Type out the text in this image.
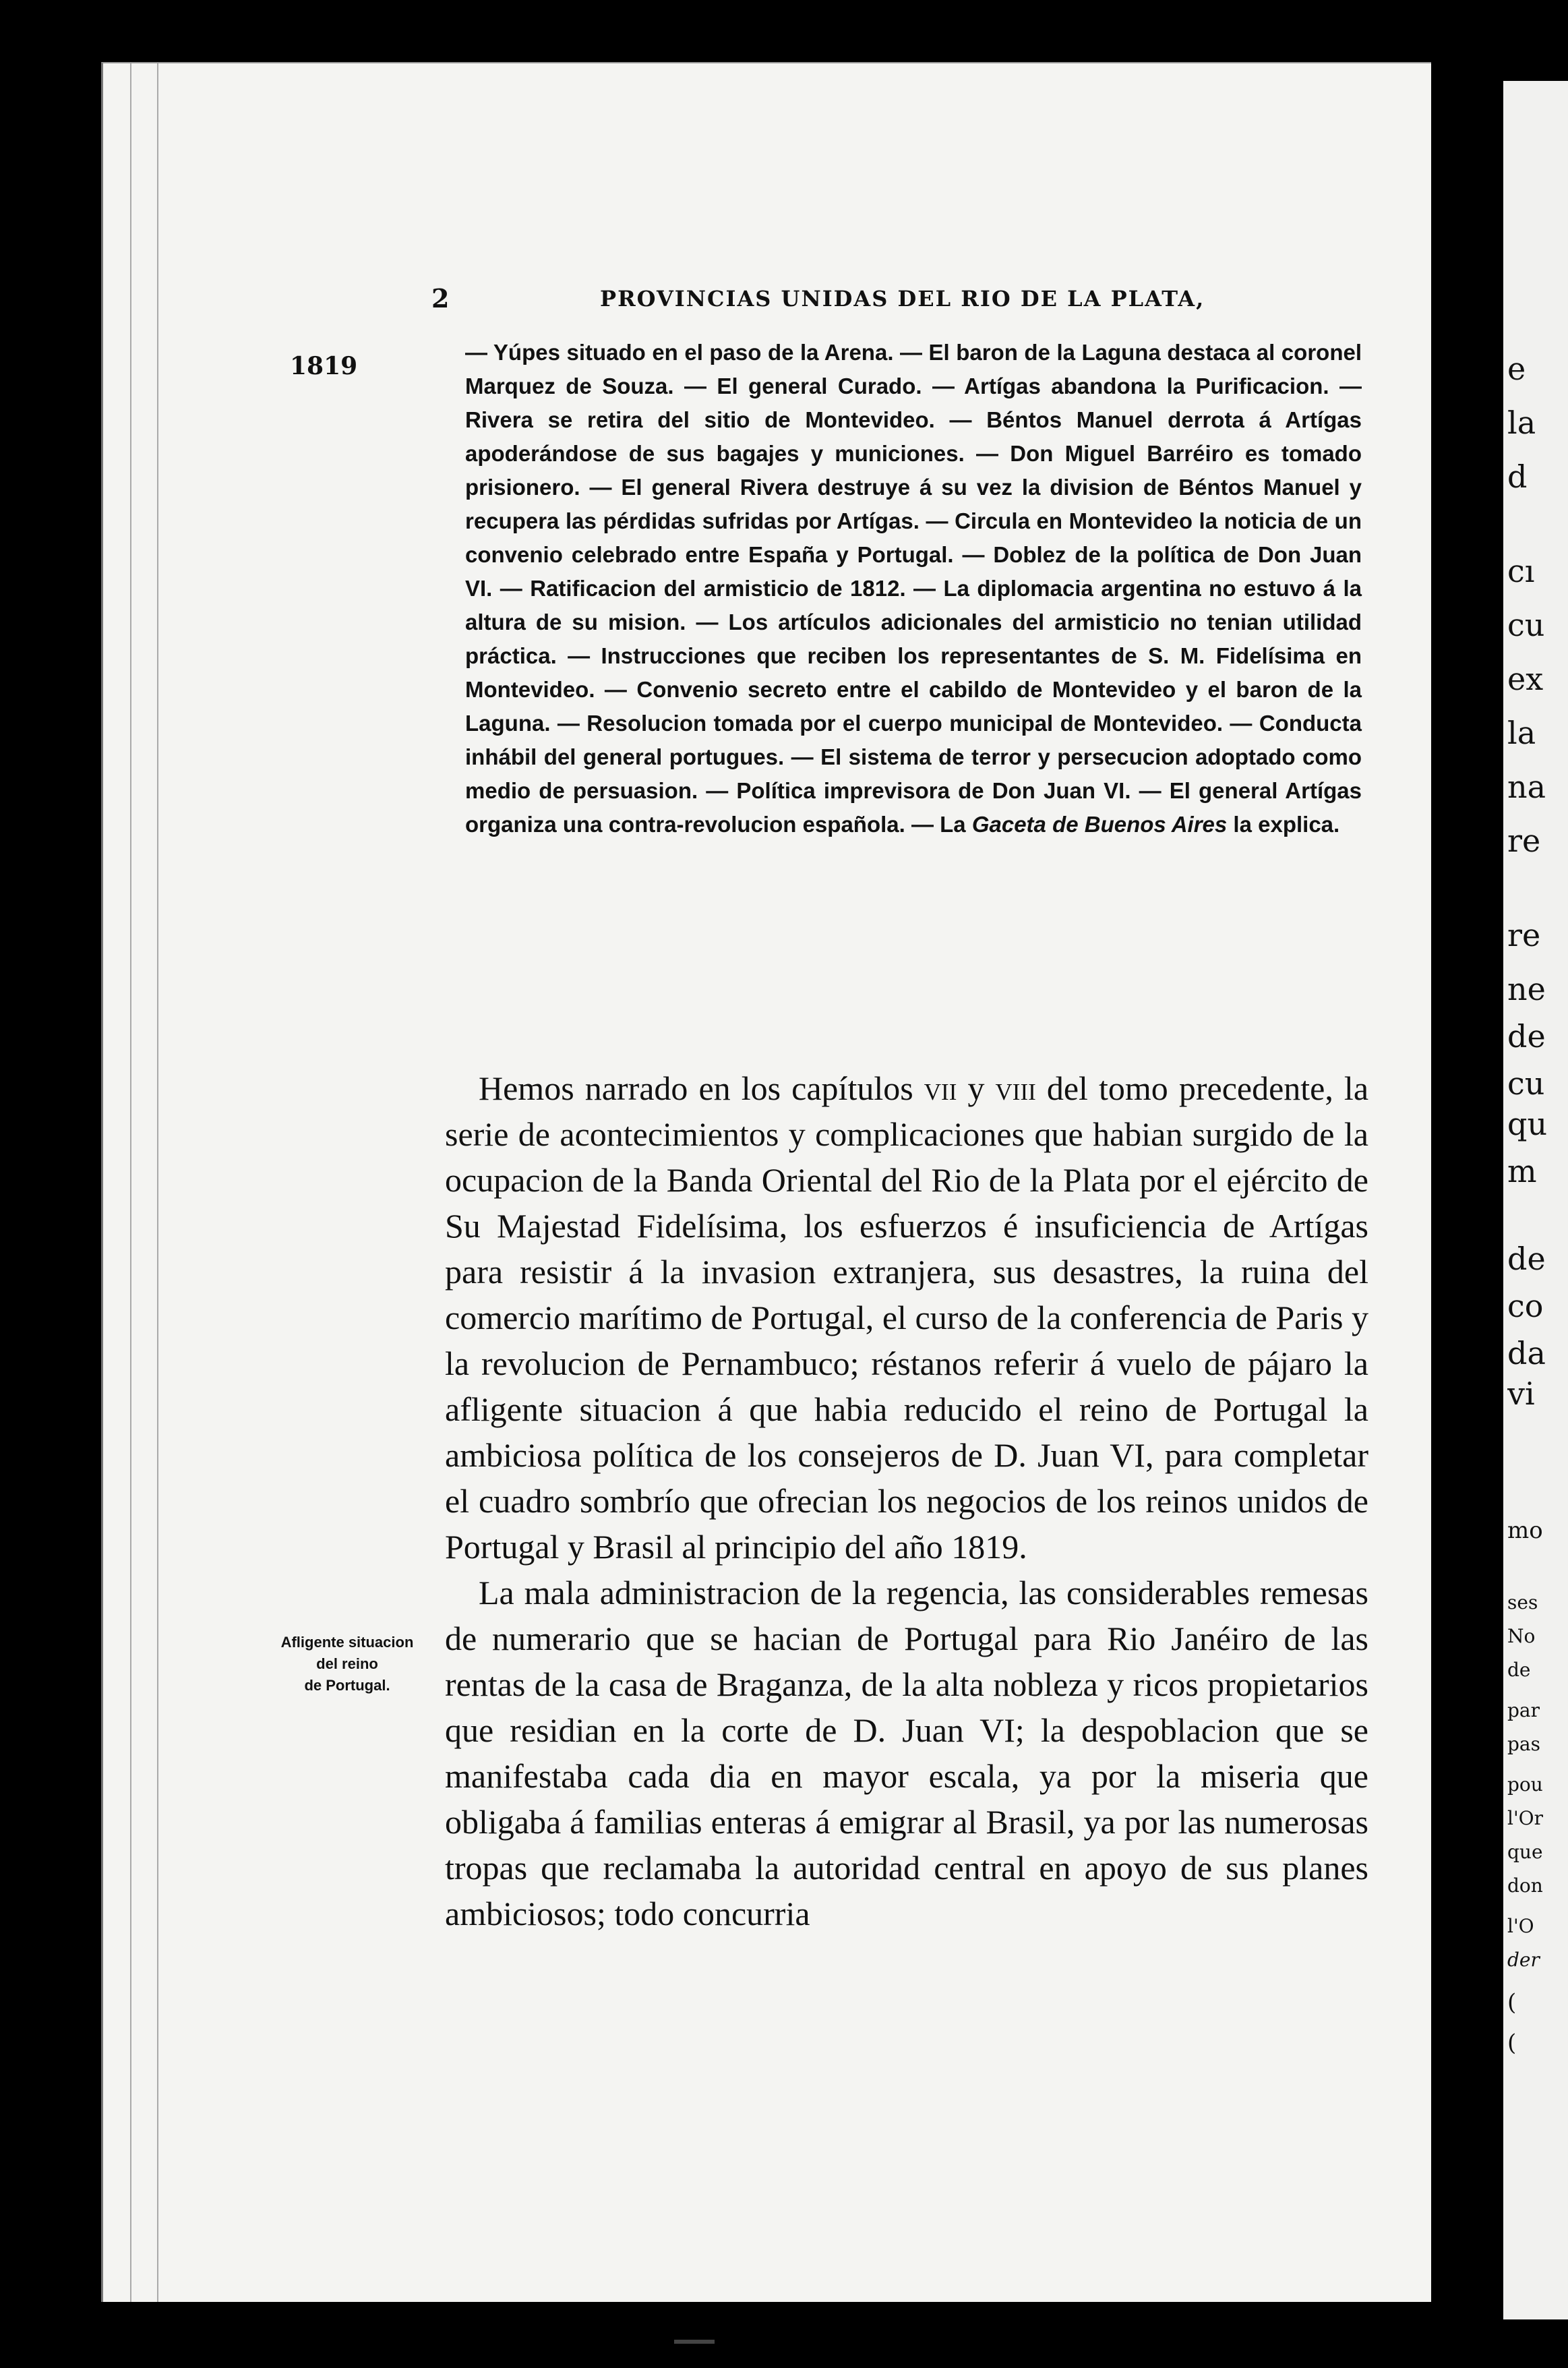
e
la
d
cı
cu
ex
la
na
re
re
ne
de
cu
qu
m
de
co
da
vi
mo
ses
No
de
par
pas
pou
l'Or
que
don
l'O
der
(
(
2	PROVINCIAS UNIDAS DEL RIO DE LA PLATA,
1819	— Yúpes situado en el paso de la Arena. — El baron de la Laguna destaca al coronel Marquez de Souza. — El general Curado. — Artígas abandona la Purificacion. — Rivera se retira del sitio de Montevideo. — Béntos Manuel derrota á Artígas apoderándose de sus bagajes y municiones. — Don Miguel Barréiro es tomado prisionero. — El general Rivera destruye á su vez la division de Béntos Manuel y recupera las pérdidas sufridas por Artígas. — Circula en Montevideo la noticia de un convenio celebrado entre España y Portugal. — Doblez de la política de Don Juan VI. — Ratificacion del armisticio de 1812. — La diplomacia argentina no estuvo á la altura de su mision. — Los artículos adicionales del armisticio no tenian utilidad práctica. — Instrucciones que reciben los representantes de S. M. Fidelísima en Montevideo. — Convenio secreto entre el cabildo de Montevideo y el baron de la Laguna. — Resolucion tomada por el cuerpo municipal de Montevideo. — Conducta inhábil del general portugues. — El sistema de terror y persecucion adoptado como medio de persuasion. — Política imprevisora de Don Juan VI. — El general Artígas organiza una contra-revolucion española. — La Gaceta de Buenos Aires la explica.

Hemos narrado en los capítulos vii y viii del tomo precedente, la serie de acontecimientos y complicaciones que habian surgido de la ocupacion de la Banda Oriental del Rio de la Plata por el ejército de Su Majestad Fidelísima, los esfuerzos é insuficiencia de Artígas para resistir á la invasion extranjera, sus desastres, la ruina del comercio marítimo de Portugal, el curso de la conferencia de Paris y la revolucion de Pernambuco; réstanos referir á vuelo de pájaro la afligente situacion á que habia reducido el reino de Portugal la ambiciosa política de los consejeros de D. Juan VI, para completar el cuadro sombrío que ofrecian los negocios de los reinos unidos de Portugal y Brasil al principio del año 1819.

La mala administracion de la regencia, las considerables remesas de numerario que se hacian de Portugal para Rio Janéiro de las rentas de la casa de Braganza, de la alta nobleza y ricos propietarios que residian en la corte de D. Juan VI; la despoblacion que se manifestaba cada dia en mayor escala, ya por la miseria que obligaba á familias enteras á emigrar al Brasil, ya por las numerosas tropas que reclamaba la autoridad central en apoyo de sus planes ambiciosos; todo concurria

Afligente situacion
del reino
de Portugal.
